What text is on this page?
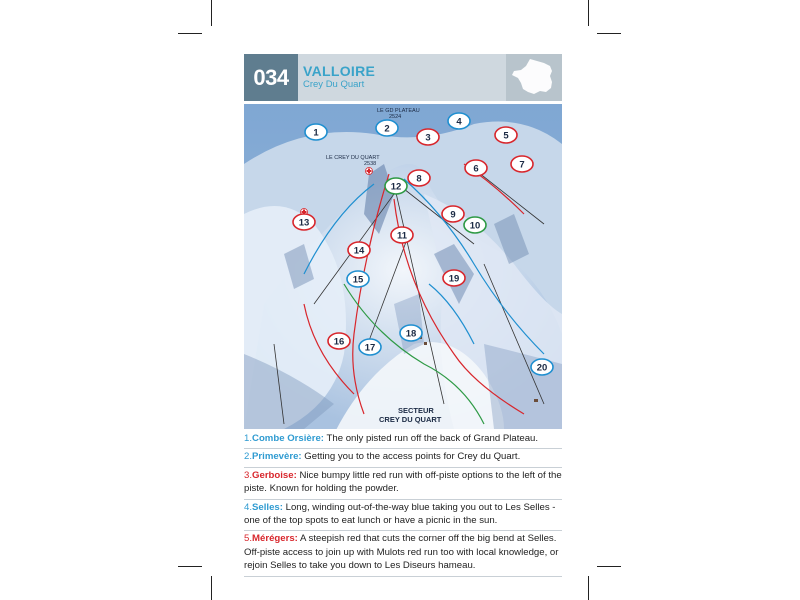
034	VALLOIRE
Crey Du Quart
LE GD PLATEAU
2524
LE CREY DU QUART
2538
SECTEUR
CREY DU QUART
1	2
3
4
5
6	7
8
9
10
11
12
13
14
15
16
17
18
19
20
1.Combe Orsière: The only pisted run off the back of Grand Plateau.
2.Primevère: Getting you to the access points for Crey du Quart.
3.Gerboise: Nice bumpy little red run with off-piste options to the left of the piste. Known for holding the powder.
4.Selles: Long, winding out-of-the-way blue taking you out to Les Selles - one of the top spots to eat lunch or have a picnic in the sun.
5.Mérégers: A steepish red that cuts the corner off the big bend at Selles. Off-piste access to join up with Mulots red run too with local knowledge, or rejoin Selles to take you down to Les Diseurs hameau.
